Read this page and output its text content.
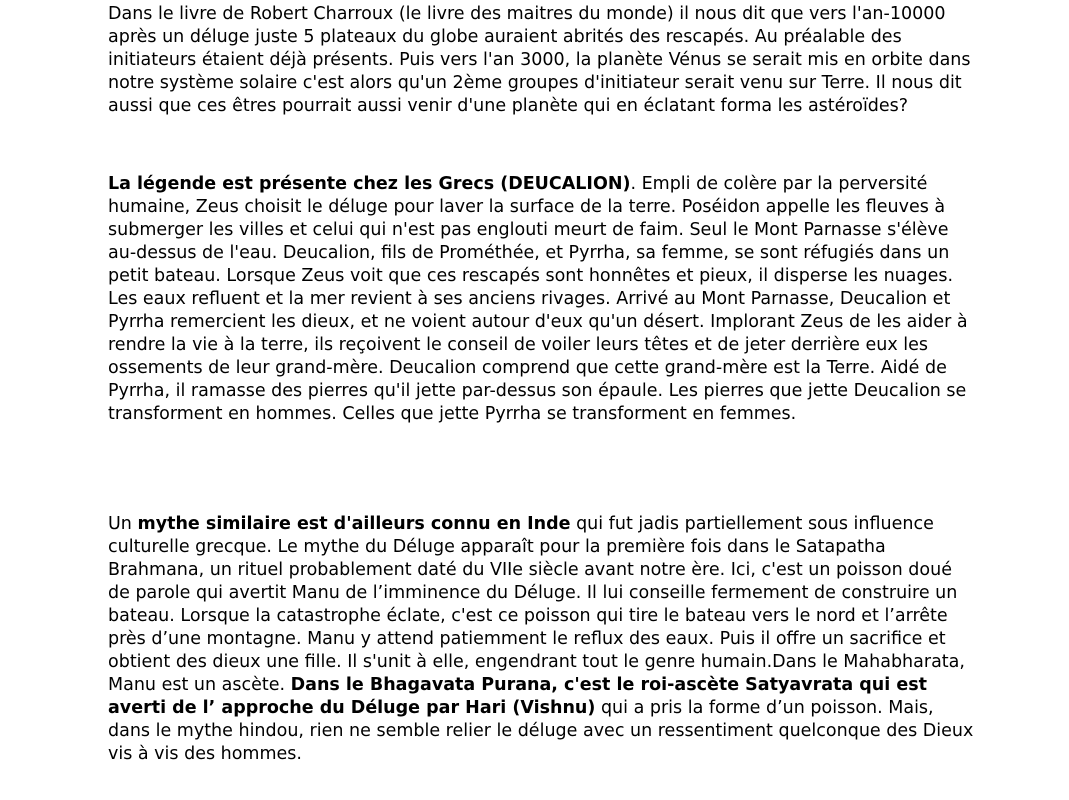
Dans le livre de Robert Charroux (le livre des maitres du monde) il nous dit que vers l'an-10000 après un déluge juste 5 plateaux du globe auraient abrités des rescapés. Au préalable des initiateurs étaient déjà présents. Puis vers l'an 3000, la planète Vénus se serait mis en orbite dans notre système solaire c'est alors qu'un 2ème groupes d'initiateur serait venu sur Terre. Il nous dit aussi que ces êtres pourrait aussi venir d'une planète qui en éclatant forma les astéroïdes?

La légende est présente chez les Grecs (DEUCALION). Empli de colère par la perversité humaine, Zeus choisit le déluge pour laver la surface de la terre. Poséidon appelle les fleuves à submerger les villes et celui qui n'est pas englouti meurt de faim. Seul le Mont Parnasse s'élève au-dessus de l'eau. Deucalion, fils de Prométhée, et Pyrrha, sa femme, se sont réfugiés dans un petit bateau. Lorsque Zeus voit que ces rescapés sont honnêtes et pieux, il disperse les nuages. Les eaux refluent et la mer revient à ses anciens rivages. Arrivé au Mont Parnasse, Deucalion et Pyrrha remercient les dieux, et ne voient autour d'eux qu'un désert. Implorant Zeus de les aider à rendre la vie à la terre, ils reçoivent le conseil de voiler leurs têtes et de jeter derrière eux les ossements de leur grand-mère. Deucalion comprend que cette grand-mère est la Terre. Aidé de Pyrrha, il ramasse des pierres qu'il jette par-dessus son épaule. Les pierres que jette Deucalion se transforment en hommes. Celles que jette Pyrrha se transforment en femmes.

Un mythe similaire est d'ailleurs connu en Inde qui fut jadis partiellement sous influence culturelle grecque. Le mythe du Déluge apparaît pour la première fois dans le Satapatha Brahmana, un rituel probablement daté du VIIe siècle avant notre ère. Ici, c'est un poisson doué de parole qui avertit Manu de l’imminence du Déluge. Il lui conseille fermement de construire un bateau. Lorsque la catastrophe éclate, c'est ce poisson qui tire le bateau vers le nord et l’arrête près d’une montagne. Manu y attend patiemment le reflux des eaux. Puis il offre un sacrifice et obtient des dieux une fille. Il s'unit à elle, engendrant tout le genre humain.Dans le Mahabharata, Manu est un ascète. Dans le Bhagavata Purana, c'est le roi-ascète Satyavrata qui est averti de l’ approche du Déluge par Hari (Vishnu) qui a pris la forme d’un poisson. Mais, dans le mythe hindou, rien ne semble relier le déluge avec un ressentiment quelconque des Dieux vis à vis des hommes.
